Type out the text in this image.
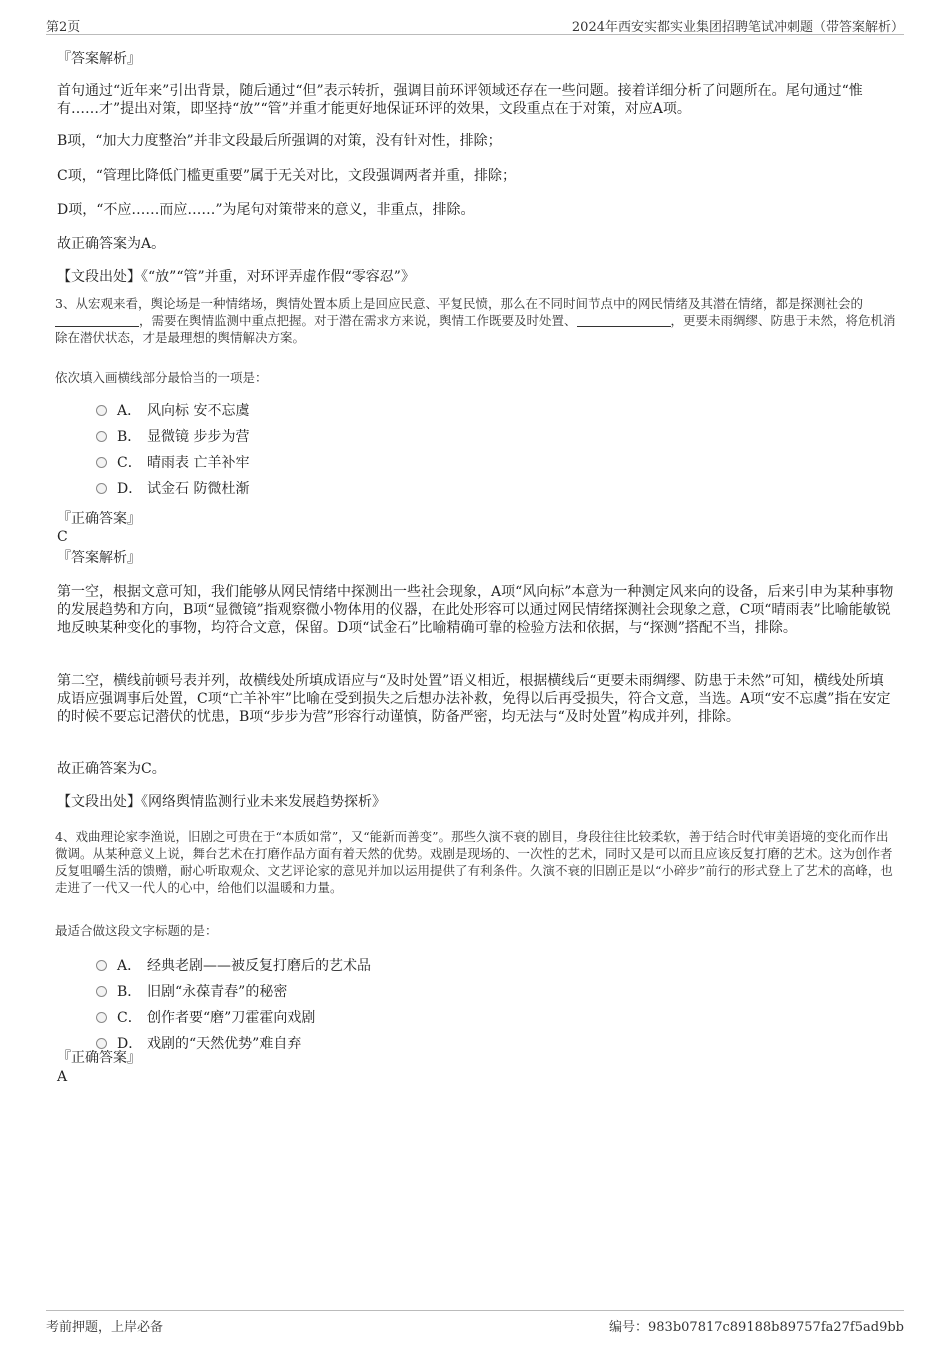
第2页	2024年西安实都实业集团招聘笔试冲刺题（带答案解析）
『答案解析』
首句通过“近年来”引出背景，随后通过“但”表示转折，强调目前环评领域还存在一些问题。接着详细分析了问题所在。尾句通过“惟有……才”提出对策，即坚持“放”“管”并重才能更好地保证环评的效果，文段重点在于对策，对应A项。
B项，“加大力度整治”并非文段最后所强调的对策，没有针对性，排除；
C项，“管理比降低门槛更重要”属于无关对比，文段强调两者并重，排除；
D项，“不应……而应……”为尾句对策带来的意义，非重点，排除。
故正确答案为A。
【文段出处】《“放”“管”并重，对环评弄虚作假“零容忍”》
3、从宏观来看，舆论场是一种情绪场，舆情处置本质上是回应民意、平复民愤，那么在不同时间节点中的网民情绪及其潜在情绪，都是探测社会的，需要在舆情监测中重点把握。对于潜在需求方来说，舆情工作既要及时处置、	，更要未雨绸缪、防患于未然，将危机消除在潜伏状态，才是最理想的舆情解决方案。
依次填入画横线部分最恰当的一项是：
A． 风向标 安不忘虞
B． 显微镜 步步为营
C． 晴雨表 亡羊补牢
D． 试金石 防微杜渐
『正确答案』
C
『答案解析』
第一空，根据文意可知，我们能够从网民情绪中探测出一些社会现象，A项“风向标”本意为一种测定风来向的设备，后来引申为某种事物的发展趋势和方向，B项“显微镜”指观察微小物体用的仪器，在此处形容可以通过网民情绪探测社会现象之意，C项“晴雨表”比喻能敏锐地反映某种变化的事物，均符合文意，保留。D项“试金石”比喻精确可靠的检验方法和依据，与“探测”搭配不当，排除。
第二空，横线前顿号表并列，故横线处所填成语应与“及时处置”语义相近，根据横线后“更要未雨绸缪、防患于未然”可知，横线处所填成语应强调事后处置，C项“亡羊补牢”比喻在受到损失之后想办法补救，免得以后再受损失，符合文意，当选。A项“安不忘虞”指在安定的时候不要忘记潜伏的忧患，B项“步步为营”形容行动谨慎，防备严密，均无法与“及时处置”构成并列，排除。
故正确答案为C。
【文段出处】《网络舆情监测行业未来发展趋势探析》
4、戏曲理论家李渔说，旧剧之可贵在于“本质如常”，又“能新而善变”。那些久演不衰的剧目，身段往往比较柔软，善于结合时代审美语境的变化而作出微调。从某种意义上说，舞台艺术在打磨作品方面有着天然的优势。戏剧是现场的、一次性的艺术，同时又是可以而且应该反复打磨的艺术。这为创作者反复咀嚼生活的馈赠，耐心听取观众、文艺评论家的意见并加以运用提供了有利条件。久演不衰的旧剧正是以“小碎步”前行的形式登上了艺术的高峰，也走进了一代又一代人的心中，给他们以温暖和力量。
最适合做这段文字标题的是：
A． 经典老剧——被反复打磨后的艺术品
B． 旧剧“永葆青春”的秘密
C． 创作者要“磨”刀霍霍向戏剧
D． 戏剧的“天然优势”难自弃
『正确答案』
A
考前押题，上岸必备	编号：983b07817c89188b89757fa27f5ad9bb
